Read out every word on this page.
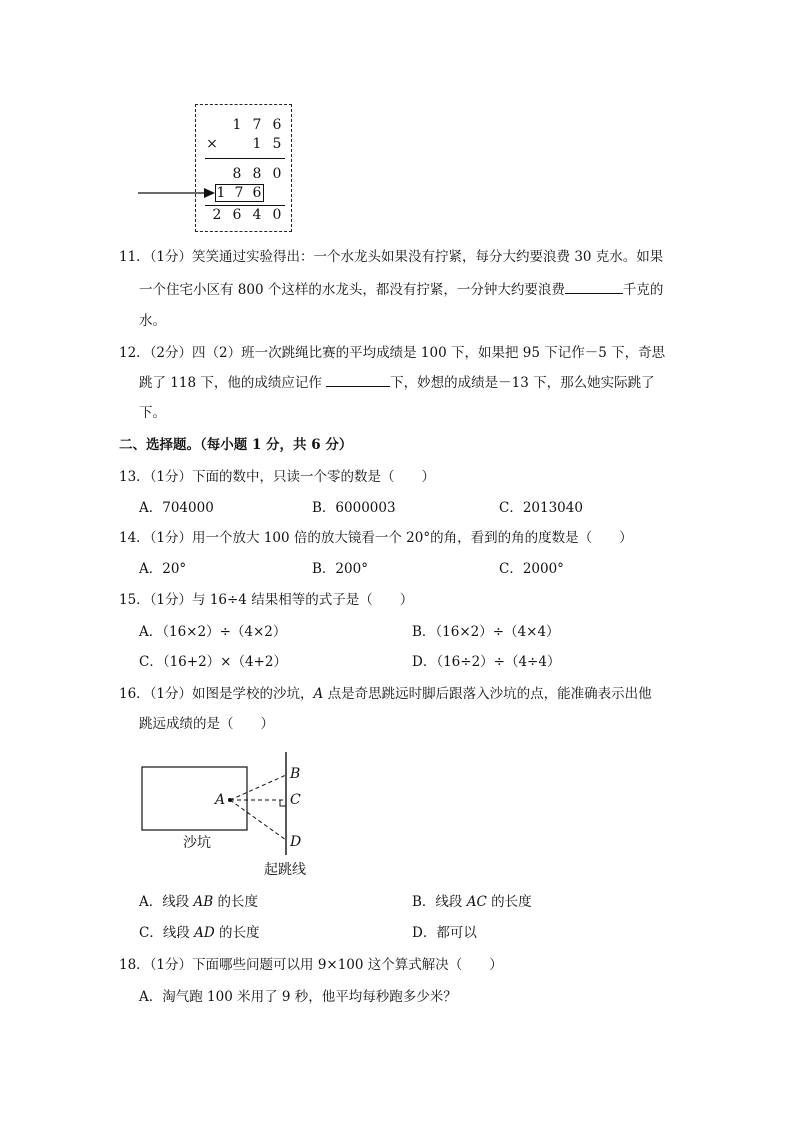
1 7 6
× 1 5
8 8 0
1 7 6
2 6 4 0
11．（1分）笑笑通过实验得出：一个水龙头如果没有拧紧，每分大约要浪费 30 克水。如果
一个住宅小区有 800 个这样的水龙头，都没有拧紧，一分钟大约要浪费	千克的
水。
12．（2分）四（2）班一次跳绳比赛的平均成绩是 100 下，如果把 95 下记作－5 下，奇思
跳了 118 下，他的成绩应记作	下，妙想的成绩是－13 下，那么她实际跳了
下。
二、选择题。（每小题 1 分，共 6 分）
13．（1分）下面的数中，只读一个零的数是（　　）
A．704000	B．6000003	C．2013040
14．（1分）用一个放大 100 倍的放大镜看一个 20°的角，看到的角的度数是（　　）
A．20°	B．200°	C．2000°
15．（1分）与 16÷4 结果相等的式子是（　　）
A．（16×2）÷（4×2）	B．（16×2）÷（4×4）
C．（16+2）×（4+2）	D．（16÷2）÷（4÷4）
16．（1分）如图是学校的沙坑，A 点是奇思跳远时脚后跟落入沙坑的点，能准确表示出他
跳远成绩的是（　　）
A
B
C
D
沙坑
起跳线
A．线段 AB 的长度	B．线段 AC 的长度
C．线段 AD 的长度	D．都可以
18．（1分）下面哪些问题可以用 9×100 这个算式解决（　　）
A．淘气跑 100 米用了 9 秒，他平均每秒跑多少米？
